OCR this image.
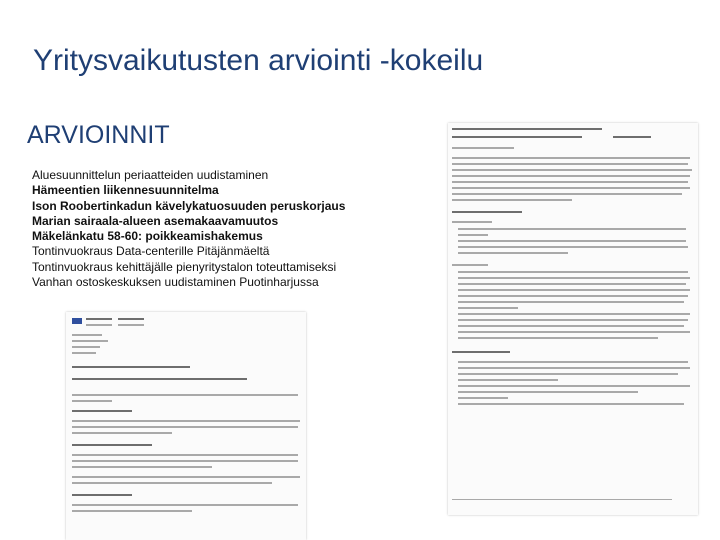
Yritysvaikutusten arviointi -kokeilu
ARVIOINNIT
Aluesuunnittelun periaatteiden uudistaminen
Hämeentien liikennesuunnitelma
Ison Roobertinkadun kävelykatuosuuden peruskorjaus
Marian sairaala-alueen asemakaavamuutos
Mäkelänkatu 58-60: poikkeamishakemus
Tontinvuokraus Data-centerille Pitäjänmäeltä
Tontinvuokraus kehittäjälle pienyritystalon toteuttamiseksi
Vanhan ostoskeskuksen uudistaminen Puotinharjussa
